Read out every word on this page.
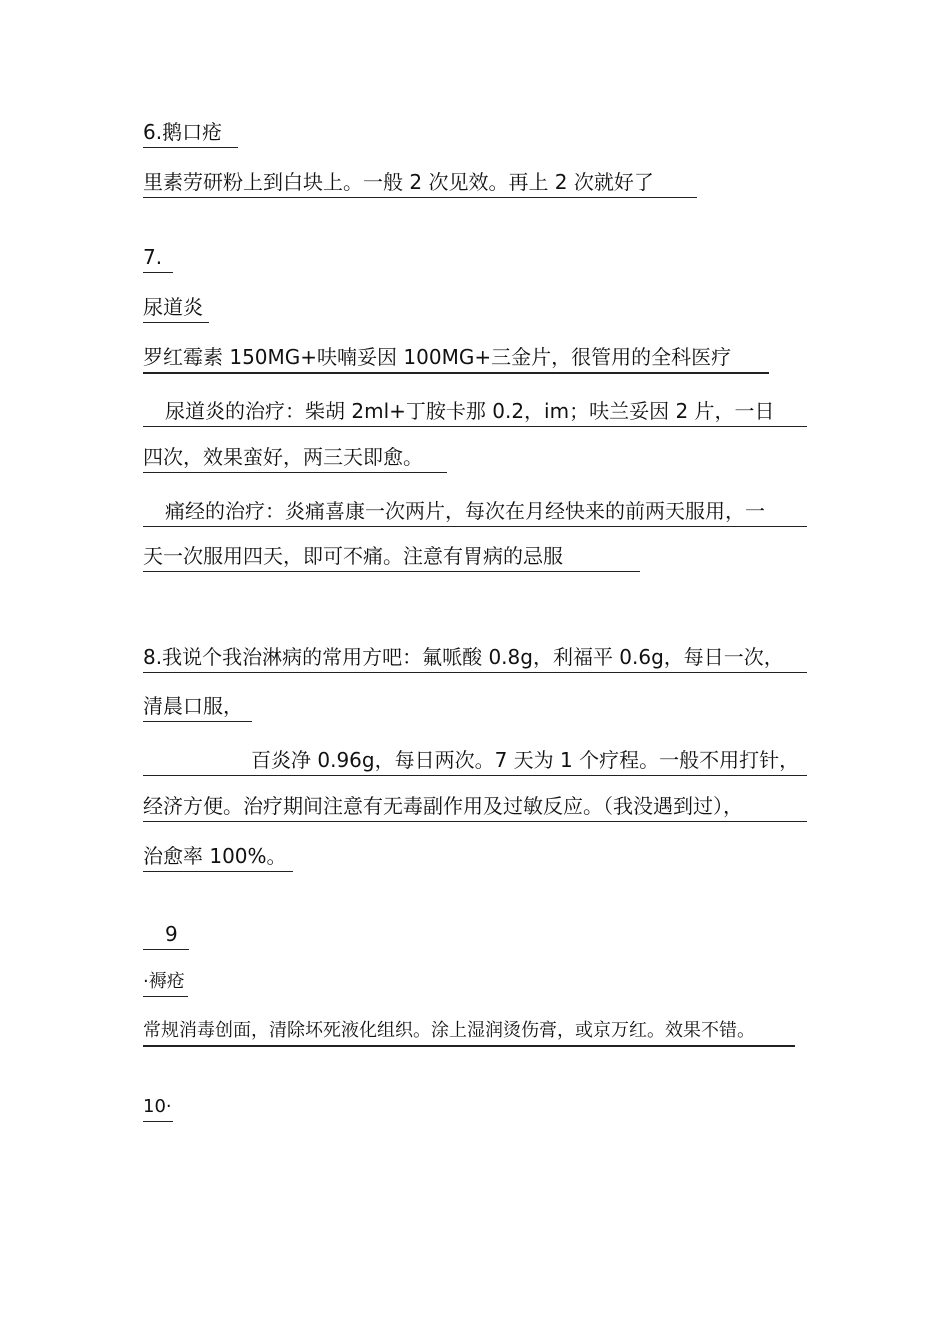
6.鹅口疮
里素劳研粉上到白块上。一般 2 次见效。再上 2 次就好了
7.
尿道炎
罗红霉素 150MG+呋喃妥因 100MG+三金片，很管用的全科医疗
尿道炎的治疗：柴胡 2ml+丁胺卡那 0.2，im；呋兰妥因 2 片，一日
四次，效果蛮好，两三天即愈。
痛经的治疗：炎痛喜康一次两片，每次在月经快来的前两天服用，一
天一次服用四天，即可不痛。注意有胃病的忌服
8.我说个我治淋病的常用方吧：氟哌酸 0.8g，利福平 0.6g，每日一次，
清晨口服，
百炎净 0.96g，每日两次。7 天为 1 个疗程。一般不用打针，
经济方便。治疗期间注意有无毒副作用及过敏反应。（我没遇到过），
治愈率 100%。
9
·褥疮
常规消毒创面，清除坏死液化组织。涂上湿润烫伤膏，或京万红。效果不错。
10·
